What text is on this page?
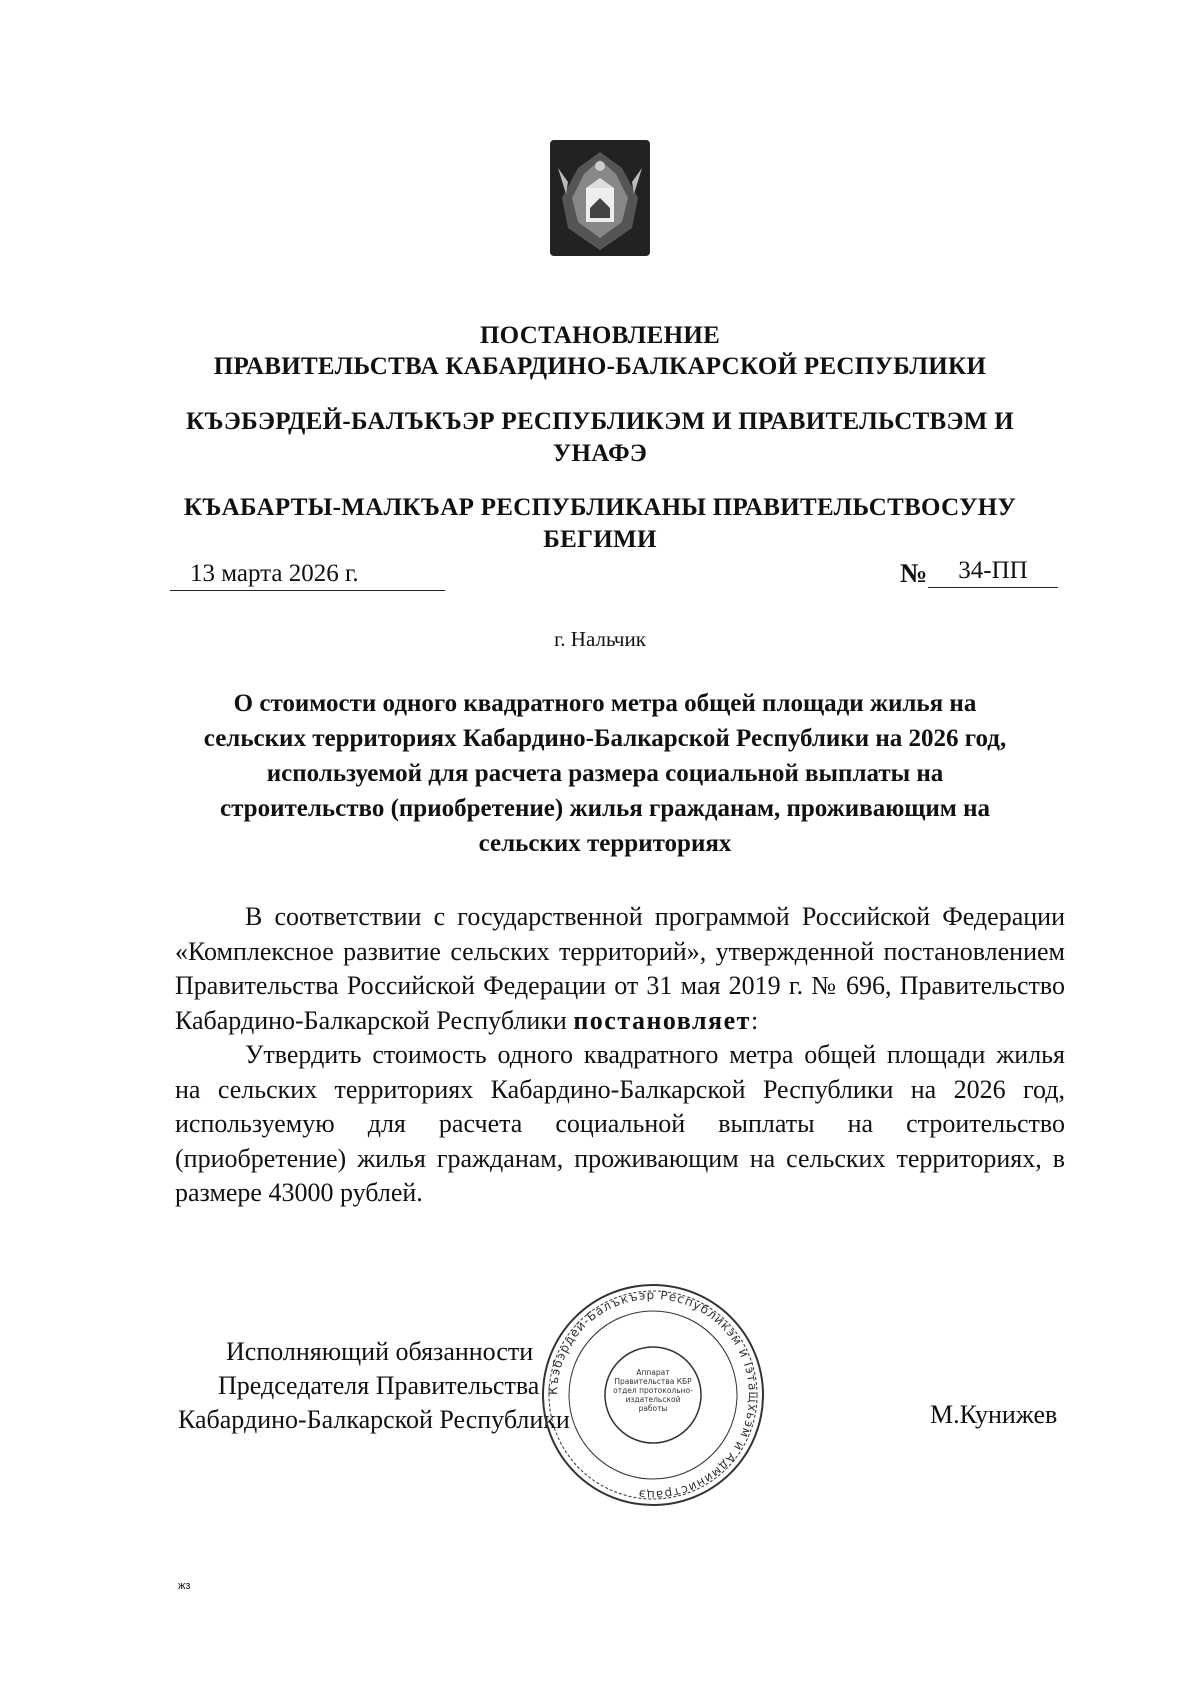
ПОСТАНОВЛЕНИЕ
ПРАВИТЕЛЬСТВА КАБАРДИНО-БАЛКАРСКОЙ РЕСПУБЛИКИ
КЪЭБЭРДЕЙ-БАЛЪКЪЭР РЕСПУБЛИКЭМ И ПРАВИТЕЛЬСТВЭМ И
УНАФЭ
КЪАБАРТЫ-МАЛКЪАР РЕСПУБЛИКАНЫ ПРАВИТЕЛЬСТВОСУНУ
БЕГИМИ
13 марта 2026 г.	№	34-ПП
г. Нальчик
О стоимости одного квадратного метра общей площади жилья на сельских территориях Кабардино-Балкарской Республики на 2026 год, используемой для расчета размера социальной выплаты на строительство (приобретение) жилья гражданам, проживающим на сельских территориях

В соответствии с государственной программой Российской Федерации «Комплексное развитие сельских территорий», утвержденной постановлением Правительства Российской Федерации от 31 мая 2019 г. № 696, Правительство Кабардино-Балкарской Республики постановляет:

Утвердить стоимость одного квадратного метра общей площади жилья на сельских территориях Кабардино-Балкарской Республики на 2026 год, используемую для расчета социальной выплаты на строительство (приобретение) жилья гражданам, проживающим на сельских территориях, в размере 43000 рублей.

Исполняющий обязанности
Председателя Правительства
Кабардино-Балкарской Республики
Къэбэрдей-Балъкъэр Республикэм и Іэтащхьэм и Администрацэ
Аппарат Правительства КБР отдел протокольно-издательской работы	М.Кунижев
жз
